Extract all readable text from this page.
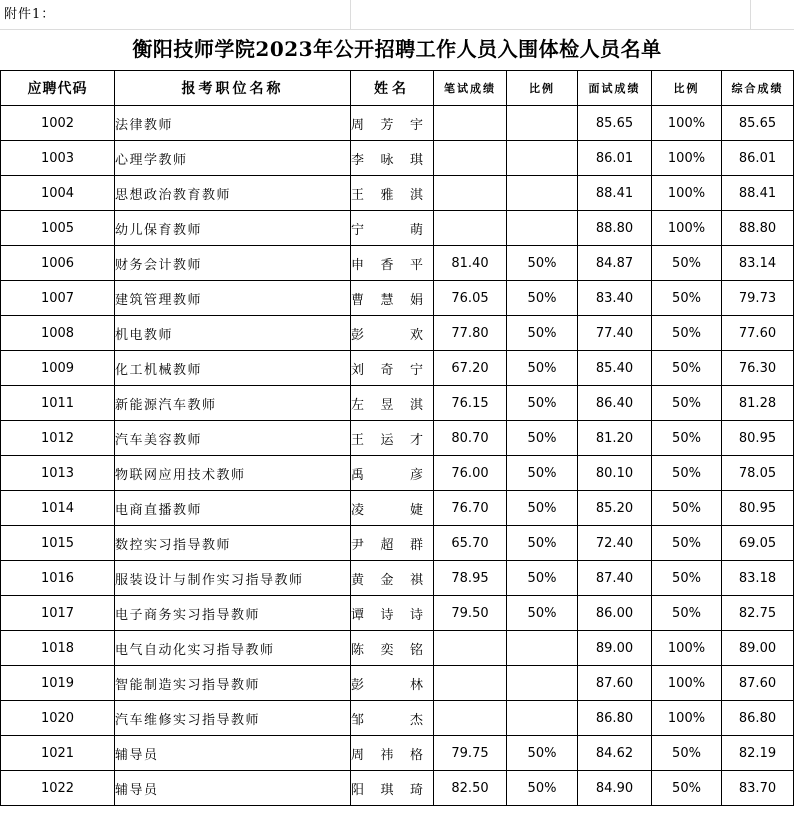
附件1：
衡阳技师学院2023年公开招聘工作人员入围体检人员名单
应聘代码	报考职位名称	姓名	笔试成绩	比例	面试成绩	比例	综合成绩
1002	法律教师	周 芳 宇			85.65	100%	85.65
1003	心理学教师	李 咏 琪			86.01	100%	86.01
1004	思想政治教育教师	王 雅 淇			88.41	100%	88.41
1005	幼儿保育教师	宁 萌			88.80	100%	88.80
1006	财务会计教师	申 香 平	81.40	50%	84.87	50%	83.14
1007	建筑管理教师	曹 慧 娟	76.05	50%	83.40	50%	79.73
1008	机电教师	彭 欢	77.80	50%	77.40	50%	77.60
1009	化工机械教师	刘 奇 宁	67.20	50%	85.40	50%	76.30
1011	新能源汽车教师	左 昱 淇	76.15	50%	86.40	50%	81.28
1012	汽车美容教师	王 运 才	80.70	50%	81.20	50%	80.95
1013	物联网应用技术教师	禹 彦	76.00	50%	80.10	50%	78.05
1014	电商直播教师	凌 婕	76.70	50%	85.20	50%	80.95
1015	数控实习指导教师	尹 超 群	65.70	50%	72.40	50%	69.05
1016	服装设计与制作实习指导教师	黄 金 祺	78.95	50%	87.40	50%	83.18
1017	电子商务实习指导教师	谭 诗 诗	79.50	50%	86.00	50%	82.75
1018	电气自动化实习指导教师	陈 奕 铭			89.00	100%	89.00
1019	智能制造实习指导教师	彭 林			87.60	100%	87.60
1020	汽车维修实习指导教师	邹 杰			86.80	100%	86.80
1021	辅导员	周 祎 格	79.75	50%	84.62	50%	82.19
1022	辅导员	阳 琪 琦	82.50	50%	84.90	50%	83.70
